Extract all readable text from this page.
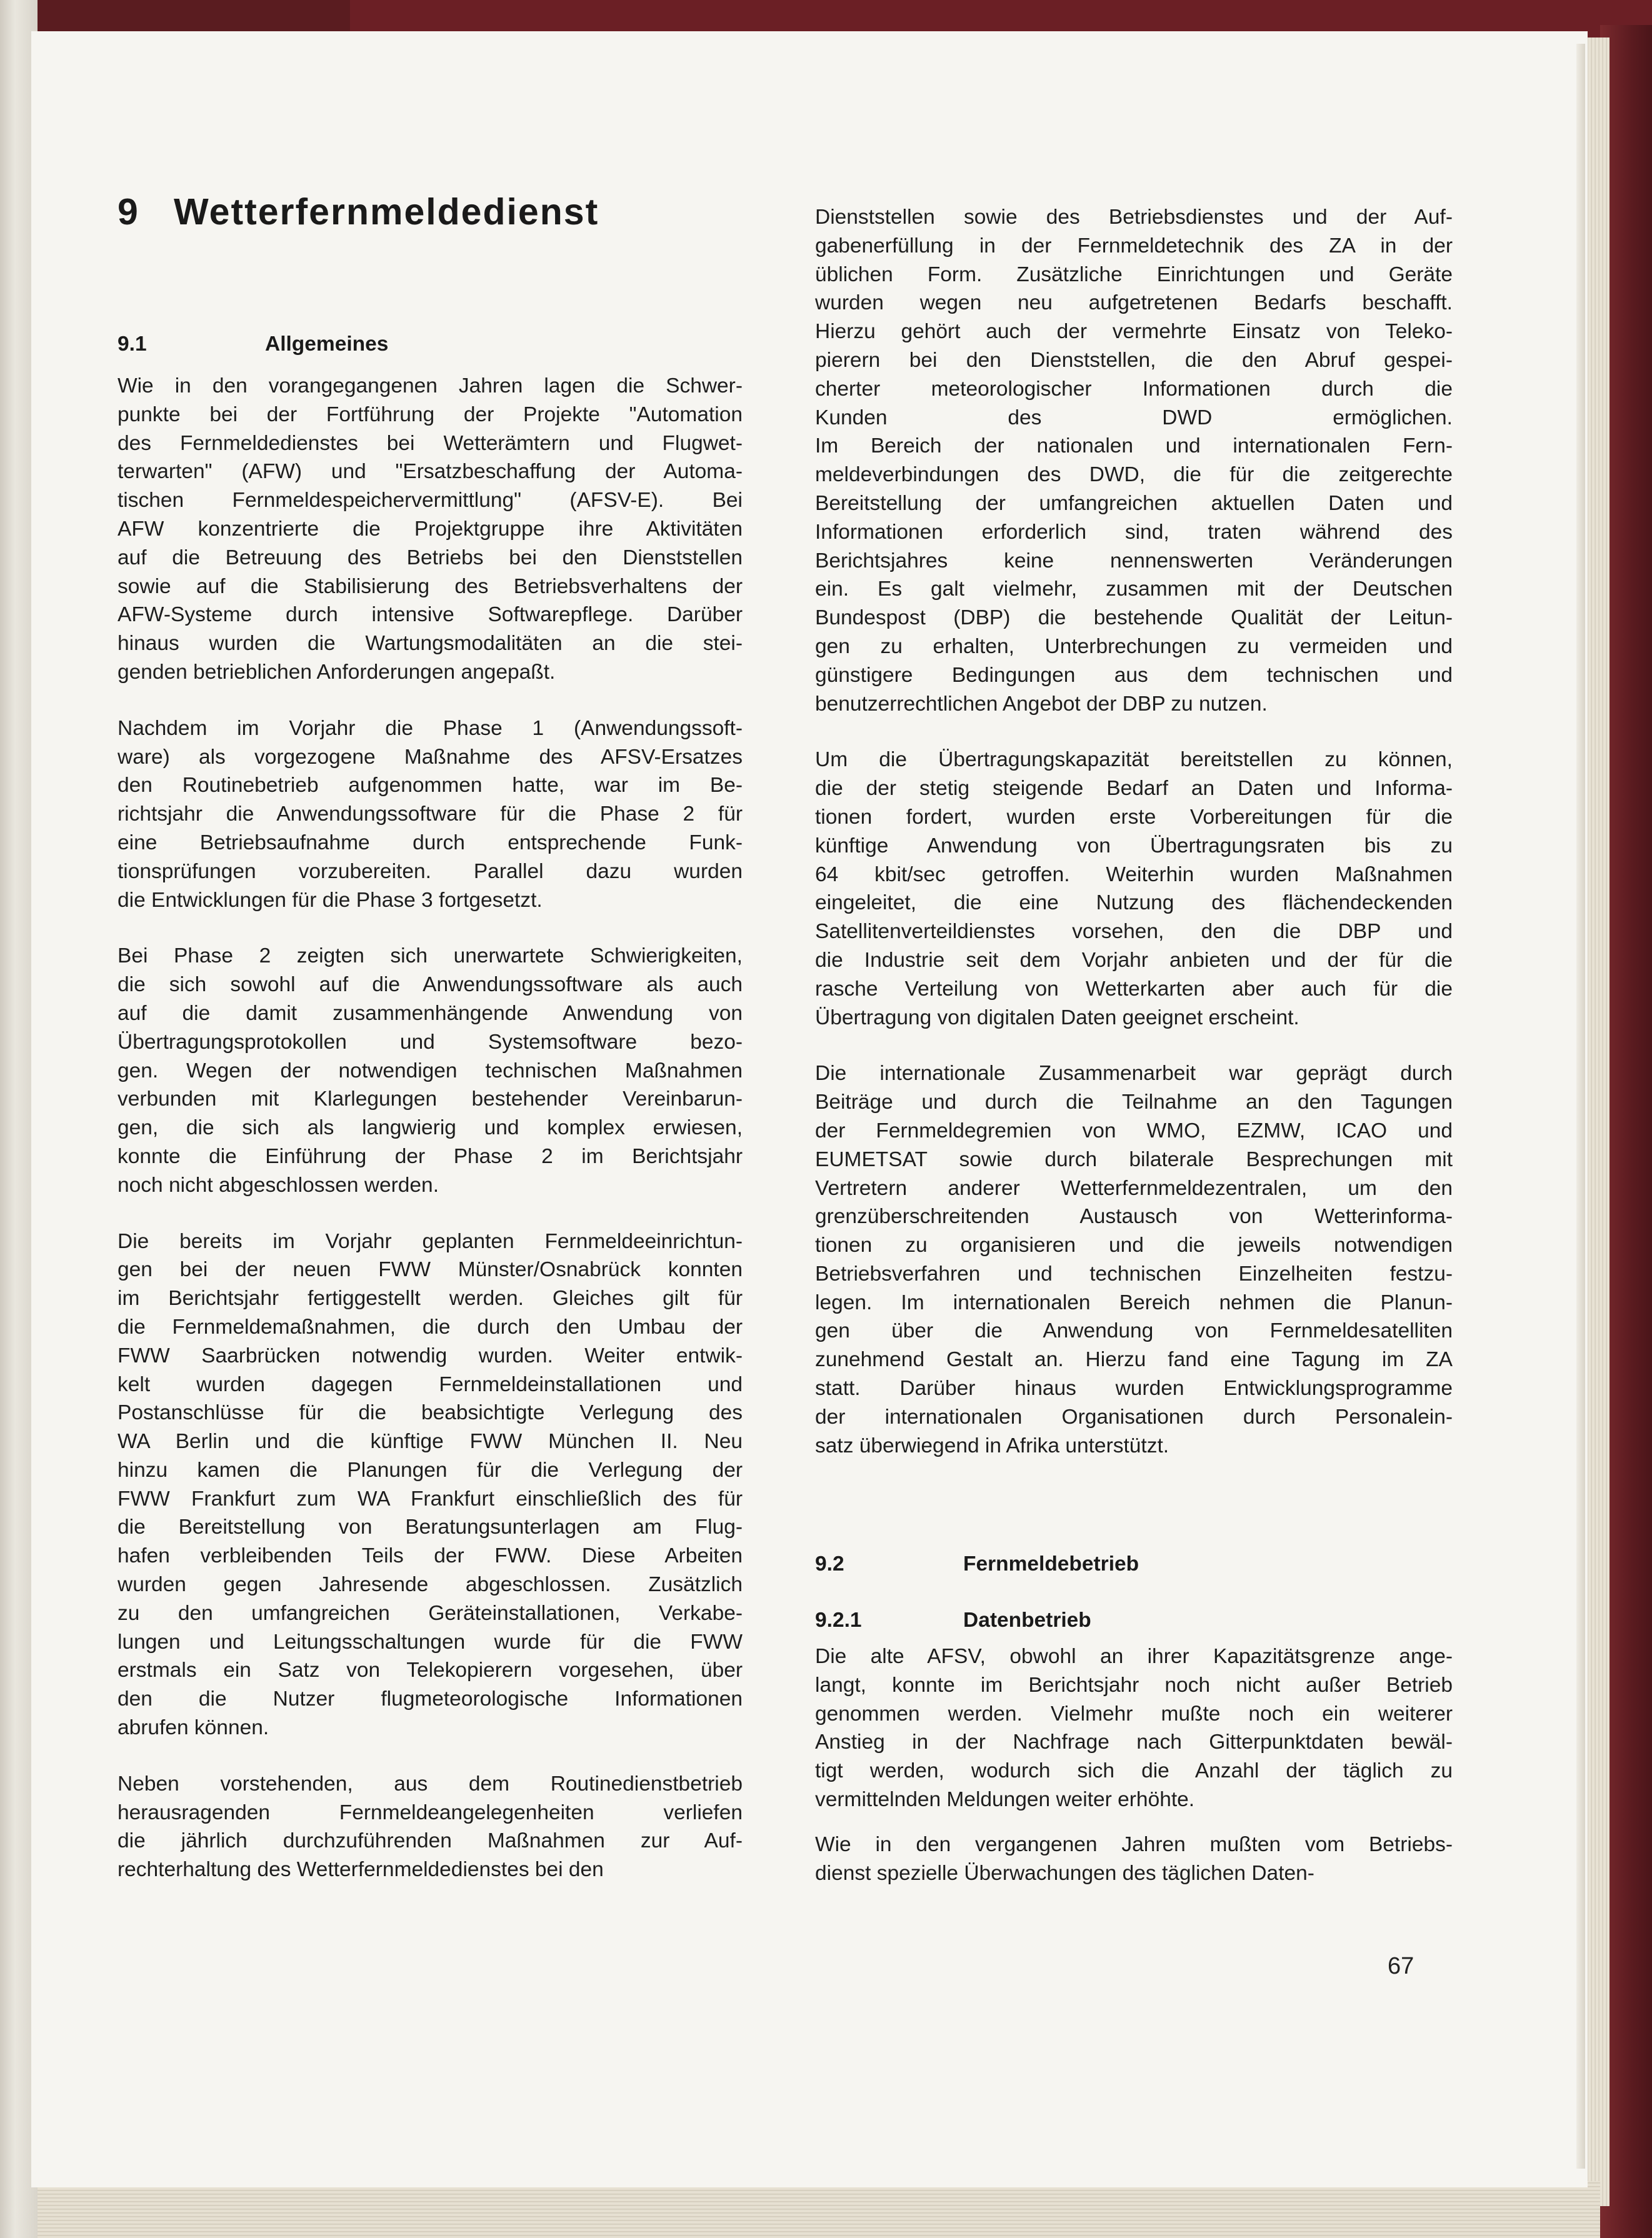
9 Wetterfernmeldedienst
9.1	Allgemeines

Wie in den vorangegangenen Jahren lagen die Schwer-

punkte bei der Fortführung der Projekte "Automation

des Fernmeldedienstes bei Wetterämtern und Flugwet-

terwarten" (AFW) und "Ersatzbeschaffung der Automa-

tischen Fernmeldespeichervermittlung" (AFSV-E). Bei

AFW konzentrierte die Projektgruppe ihre Aktivitäten

auf die Betreuung des Betriebs bei den Dienststellen

sowie auf die Stabilisierung des Betriebsverhaltens der

AFW-Systeme durch intensive Softwarepflege. Darüber

hinaus wurden die Wartungsmodalitäten an die stei-

genden betrieblichen Anforderungen angepaßt.

Nachdem im Vorjahr die Phase 1 (Anwendungssoft-

ware) als vorgezogene Maßnahme des AFSV-Ersatzes

den Routinebetrieb aufgenommen hatte, war im Be-

richtsjahr die Anwendungssoftware für die Phase 2 für

eine Betriebsaufnahme durch entsprechende Funk-

tionsprüfungen vorzubereiten. Parallel dazu wurden

die Entwicklungen für die Phase 3 fortgesetzt.

Bei Phase 2 zeigten sich unerwartete Schwierigkeiten,

die sich sowohl auf die Anwendungssoftware als auch

auf die damit zusammenhängende Anwendung von

Übertragungsprotokollen und Systemsoftware bezo-

gen. Wegen der notwendigen technischen Maßnahmen

verbunden mit Klarlegungen bestehender Vereinbarun-

gen, die sich als langwierig und komplex erwiesen,

konnte die Einführung der Phase 2 im Berichtsjahr

noch nicht abgeschlossen werden.

Die bereits im Vorjahr geplanten Fernmeldeeinrichtun-

gen bei der neuen FWW Münster/Osnabrück konnten

im Berichtsjahr fertiggestellt werden. Gleiches gilt für

die Fernmeldemaßnahmen, die durch den Umbau der

FWW Saarbrücken notwendig wurden. Weiter entwik-

kelt wurden dagegen Fernmeldeinstallationen und

Postanschlüsse für die beabsichtigte Verlegung des

WA Berlin und die künftige FWW München II. Neu

hinzu kamen die Planungen für die Verlegung der

FWW Frankfurt zum WA Frankfurt einschließlich des für

die Bereitstellung von Beratungsunterlagen am Flug-

hafen verbleibenden Teils der FWW. Diese Arbeiten

wurden gegen Jahresende abgeschlossen. Zusätzlich

zu den umfangreichen Geräteinstallationen, Verkabe-

lungen und Leitungsschaltungen wurde für die FWW

erstmals ein Satz von Telekopierern vorgesehen, über

den die Nutzer flugmeteorologische Informationen

abrufen können.

Neben vorstehenden, aus dem Routinedienstbetrieb

herausragenden Fernmeldeangelegenheiten verliefen

die jährlich durchzuführenden Maßnahmen zur Auf-

rechterhaltung des Wetterfernmeldedienstes bei den

Dienststellen sowie des Betriebsdienstes und der Auf-

gabenerfüllung in der Fernmeldetechnik des ZA in der

üblichen Form. Zusätzliche Einrichtungen und Geräte

wurden wegen neu aufgetretenen Bedarfs beschafft.

Hierzu gehört auch der vermehrte Einsatz von Teleko-

pierern bei den Dienststellen, die den Abruf gespei-

cherter meteorologischer Informationen durch die

Kunden des DWD ermöglichen.

Im Bereich der nationalen und internationalen Fern-

meldeverbindungen des DWD, die für die zeitgerechte

Bereitstellung der umfangreichen aktuellen Daten und

Informationen erforderlich sind, traten während des

Berichtsjahres keine nennenswerten Veränderungen

ein. Es galt vielmehr, zusammen mit der Deutschen

Bundespost (DBP) die bestehende Qualität der Leitun-

gen zu erhalten, Unterbrechungen zu vermeiden und

günstigere Bedingungen aus dem technischen und

benutzerrechtlichen Angebot der DBP zu nutzen.

Um die Übertragungskapazität bereitstellen zu können,

die der stetig steigende Bedarf an Daten und Informa-

tionen fordert, wurden erste Vorbereitungen für die

künftige Anwendung von Übertragungsraten bis zu

64 kbit/sec getroffen. Weiterhin wurden Maßnahmen

eingeleitet, die eine Nutzung des flächendeckenden

Satellitenverteildienstes vorsehen, den die DBP und

die Industrie seit dem Vorjahr anbieten und der für die

rasche Verteilung von Wetterkarten aber auch für die

Übertragung von digitalen Daten geeignet erscheint.

Die internationale Zusammenarbeit war geprägt durch

Beiträge und durch die Teilnahme an den Tagungen

der Fernmeldegremien von WMO, EZMW, ICAO und

EUMETSAT sowie durch bilaterale Besprechungen mit

Vertretern anderer Wetterfernmeldezentralen, um den

grenzüberschreitenden Austausch von Wetterinforma-

tionen zu organisieren und die jeweils notwendigen

Betriebsverfahren und technischen Einzelheiten festzu-

legen. Im internationalen Bereich nehmen die Planun-

gen über die Anwendung von Fernmeldesatelliten

zunehmend Gestalt an. Hierzu fand eine Tagung im ZA

statt. Darüber hinaus wurden Entwicklungsprogramme

der internationalen Organisationen durch Personalein-

satz überwiegend in Afrika unterstützt.

9.2	Fernmeldebetrieb
9.2.1	Datenbetrieb

Die alte AFSV, obwohl an ihrer Kapazitätsgrenze ange-

langt, konnte im Berichtsjahr noch nicht außer Betrieb

genommen werden. Vielmehr mußte noch ein weiterer

Anstieg in der Nachfrage nach Gitterpunktdaten bewäl-

tigt werden, wodurch sich die Anzahl der täglich zu

vermittelnden Meldungen weiter erhöhte.

Wie in den vergangenen Jahren mußten vom Betriebs-

dienst spezielle Überwachungen des täglichen Daten-

67
